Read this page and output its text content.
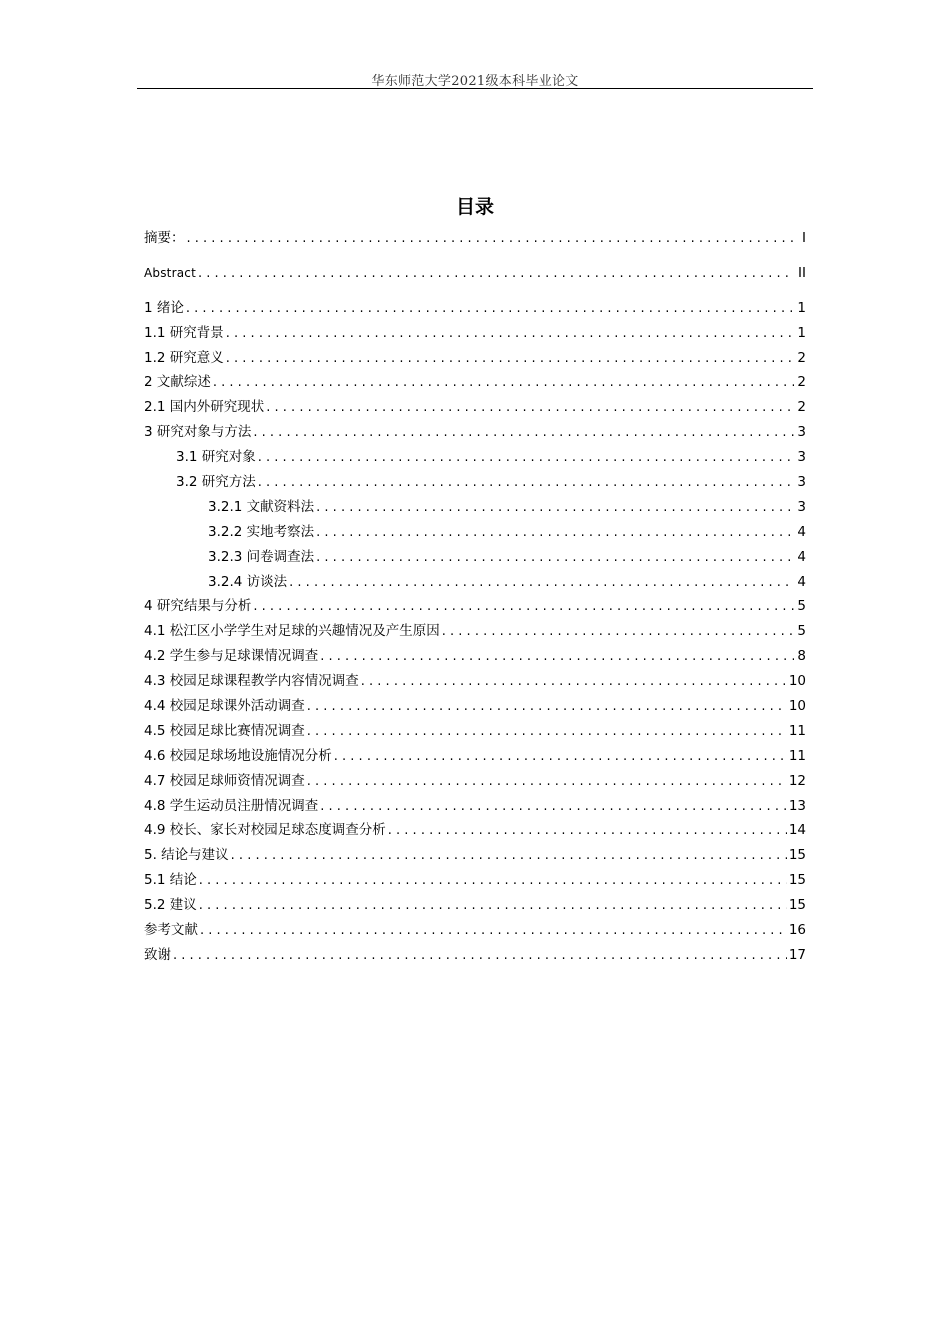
华东师范大学2021级本科毕业论文
目录
摘要： . . .	I
Abstract . . .	II
1 绪论 . . .	1
1.1 研究背景 . . .	1
1.2 研究意义 . . .	2
2 文献综述 . . .	2
2.1 国内外研究现状 . . .	2
3 研究对象与方法 . . .	3
3.1 研究对象 . . .	3
3.2 研究方法 . . .	3
3.2.1 文献资料法 . . .	3
3.2.2 实地考察法 . . .	4
3.2.3 问卷调查法 . . .	4
3.2.4 访谈法 . . .	4
4 研究结果与分析 . . .	5
4.1 松江区小学学生对足球的兴趣情况及产生原因 . . .	5
4.2 学生参与足球课情况调查 . . .	8
4.3 校园足球课程教学内容情况调查 . . .	10
4.4 校园足球课外活动调查 . . .	10
4.5 校园足球比赛情况调查 . . .	11
4.6 校园足球场地设施情况分析 . . .	11
4.7 校园足球师资情况调查 . . .	12
4.8 学生运动员注册情况调查 . . .	13
4.9 校长、家长对校园足球态度调查分析 . . .	14
5. 结论与建议 . . .	15
5.1 结论 . . .	15
5.2 建议 . . .	15
参考文献 . . .	16
致谢 . . .	17
